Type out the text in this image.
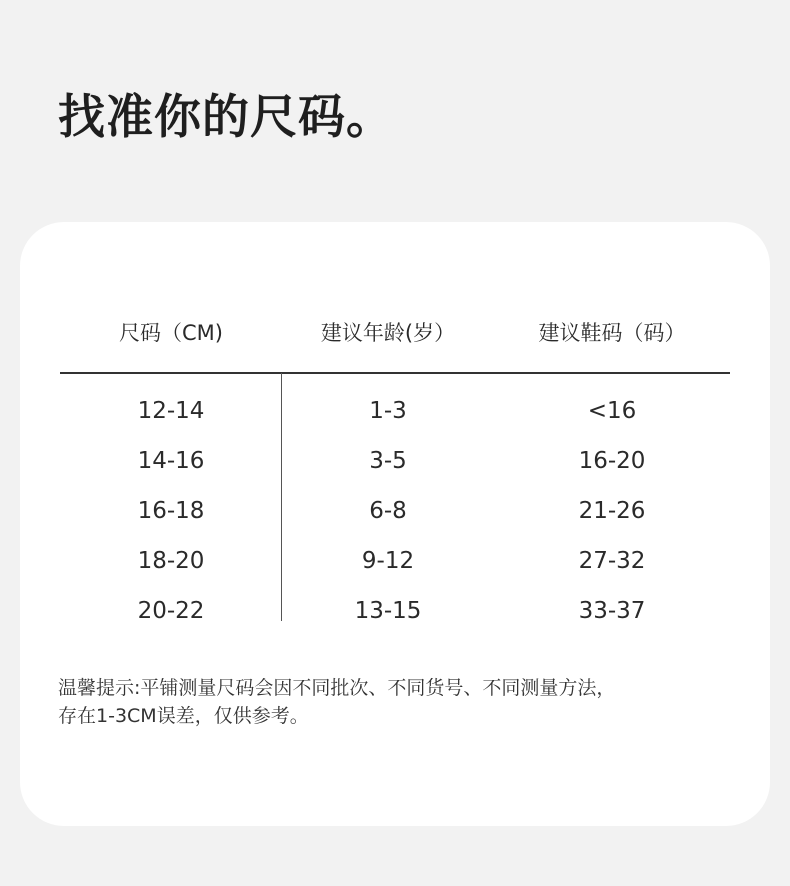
找准你的尺码。
尺码（CM)	建议年龄(岁）	建议鞋码（码）
12-14	1-3	<16
14-16	3-5	16-20
16-18	6-8	21-26
18-20	9-12	27-32
20-22	13-15	33-37
温馨提示:平铺测量尺码会因不同批次、不同货号、不同测量方法，
存在1-3CM误差，仅供参考。
